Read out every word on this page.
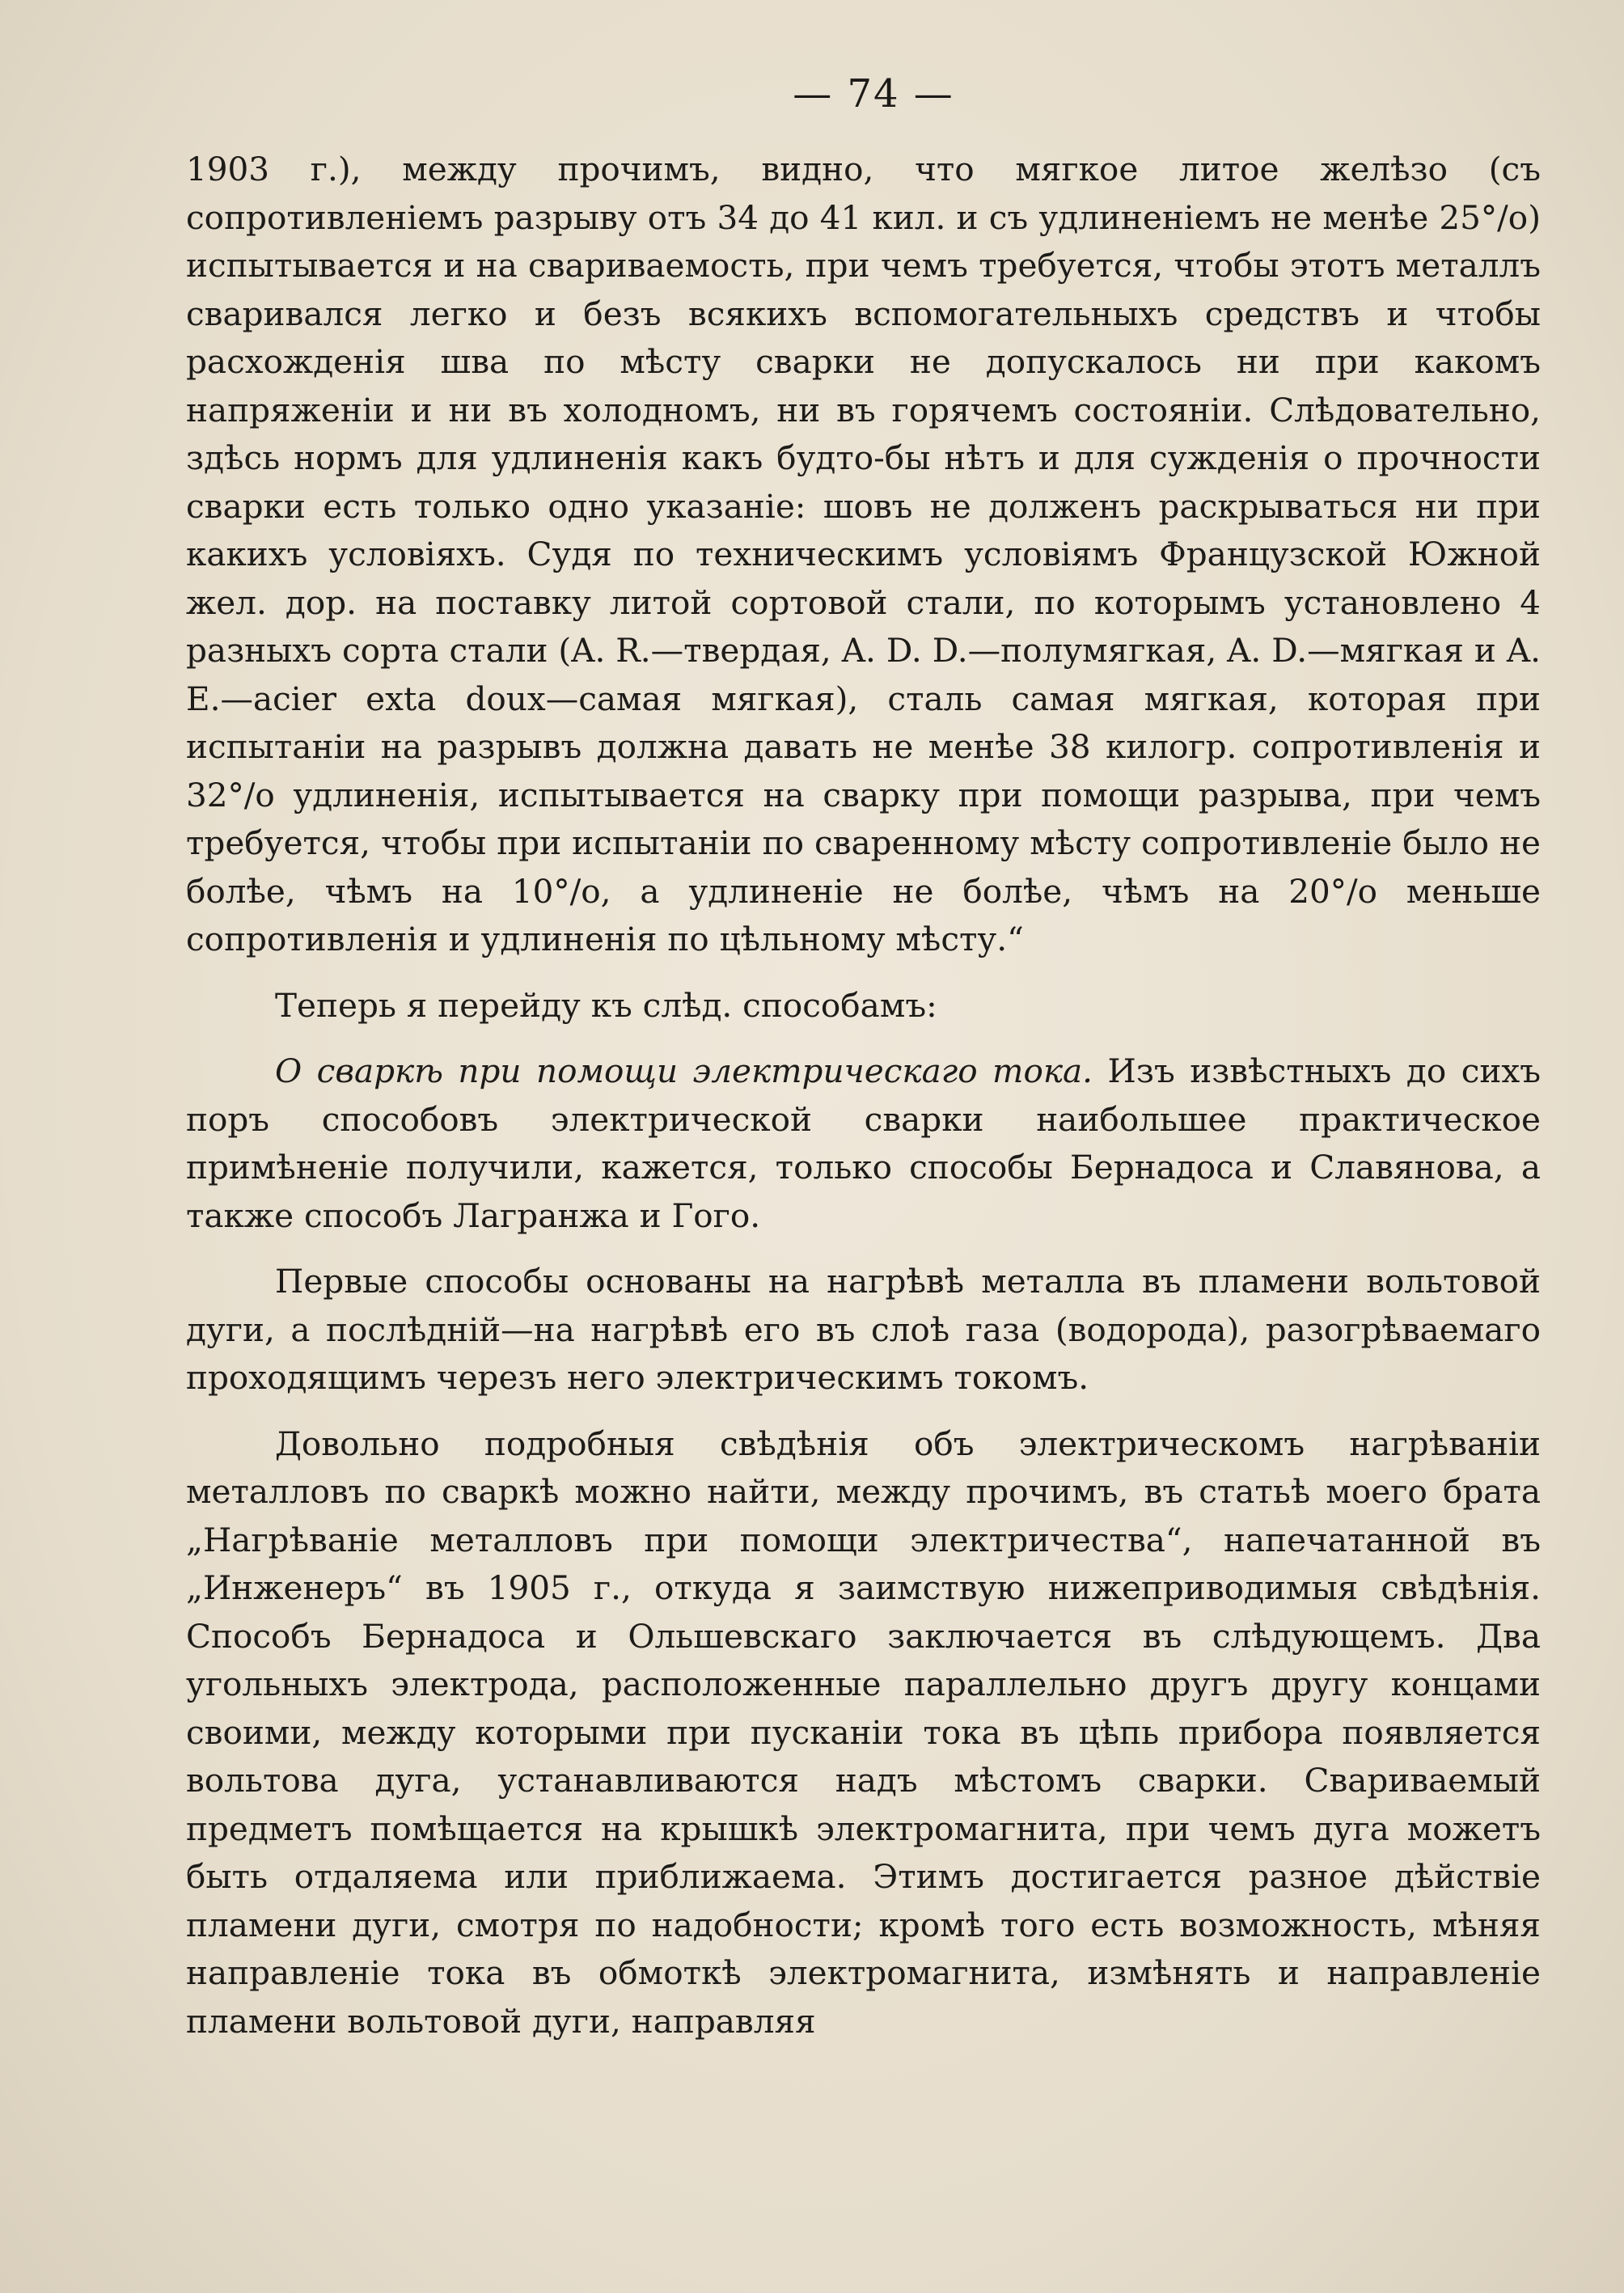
— 74 —

1903 г.), между прочимъ, видно, что мягкое литое желѣзо (съ сопротивленіемъ разрыву отъ 34 до 41 кил. и съ удлиненіемъ не менѣе 25°/o) испытывается и на свариваемость, при чемъ требуется, чтобы этотъ металлъ сваривался легко и безъ всякихъ вспомогательныхъ средствъ и чтобы расхожденія шва по мѣсту сварки не допускалось ни при какомъ напряженіи и ни въ холодномъ, ни въ горячемъ состояніи. Слѣдовательно, здѣсь нормъ для удлиненія какъ будто-бы нѣтъ и для сужденія о прочности сварки есть только одно указаніе: шовъ не долженъ раскрываться ни при какихъ условіяхъ. Судя по техническимъ условіямъ Французской Южной жел. дор. на поставку литой сортовой стали, по которымъ установлено 4 разныхъ сорта стали (A. R.—твердая, A. D. D.—полумягкая, A. D.—мягкая и A. E.—acier exta doux—самая мягкая), сталь самая мягкая, которая при испытаніи на разрывъ должна давать не менѣе 38 килогр. сопротивленія и 32°/o удлиненія, испытывается на сварку при помощи разрыва, при чемъ требуется, чтобы при испытаніи по сваренному мѣсту сопротивленіе было не болѣе, чѣмъ на 10°/o, а удлиненіе не болѣе, чѣмъ на 20°/o меньше сопротивленія и удлиненія по цѣльному мѣсту.“

Теперь я перейду къ слѣд. способамъ:

О сваркѣ при помощи электрическаго тока. Изъ извѣстныхъ до сихъ поръ способовъ электрической сварки наибольшее практическое примѣненіе получили, кажется, только способы Бернадоса и Славянова, а также способъ Лагранжа и Гого.

Первые способы основаны на нагрѣвѣ металла въ пламени вольтовой дуги, а послѣдній—на нагрѣвѣ его въ слоѣ газа (водорода), разогрѣваемаго проходящимъ черезъ него электрическимъ токомъ.

Довольно подробныя свѣдѣнія объ электрическомъ нагрѣваніи металловъ по сваркѣ можно найти, между прочимъ, въ статьѣ моего брата „Нагрѣваніе металловъ при помощи электричества“, напечатанной въ „Инженеръ“ въ 1905 г., откуда я заимствую нижеприводимыя свѣдѣнія. Способъ Бернадоса и Ольшевскаго заключается въ слѣдующемъ. Два угольныхъ электрода, расположенные параллельно другъ другу концами своими, между которыми при пусканіи тока въ цѣпь прибора появляется вольтова дуга, устанавливаются надъ мѣстомъ сварки. Свариваемый предметъ помѣщается на крышкѣ электромагнита, при чемъ дуга можетъ быть отдаляема или приближаема. Этимъ достигается разное дѣйствіе пламени дуги, смотря по надобности; кромѣ того есть возможность, мѣняя направленіе тока въ обмоткѣ электромагнита, измѣнять и направленіе пламени вольтовой дуги, направляя
